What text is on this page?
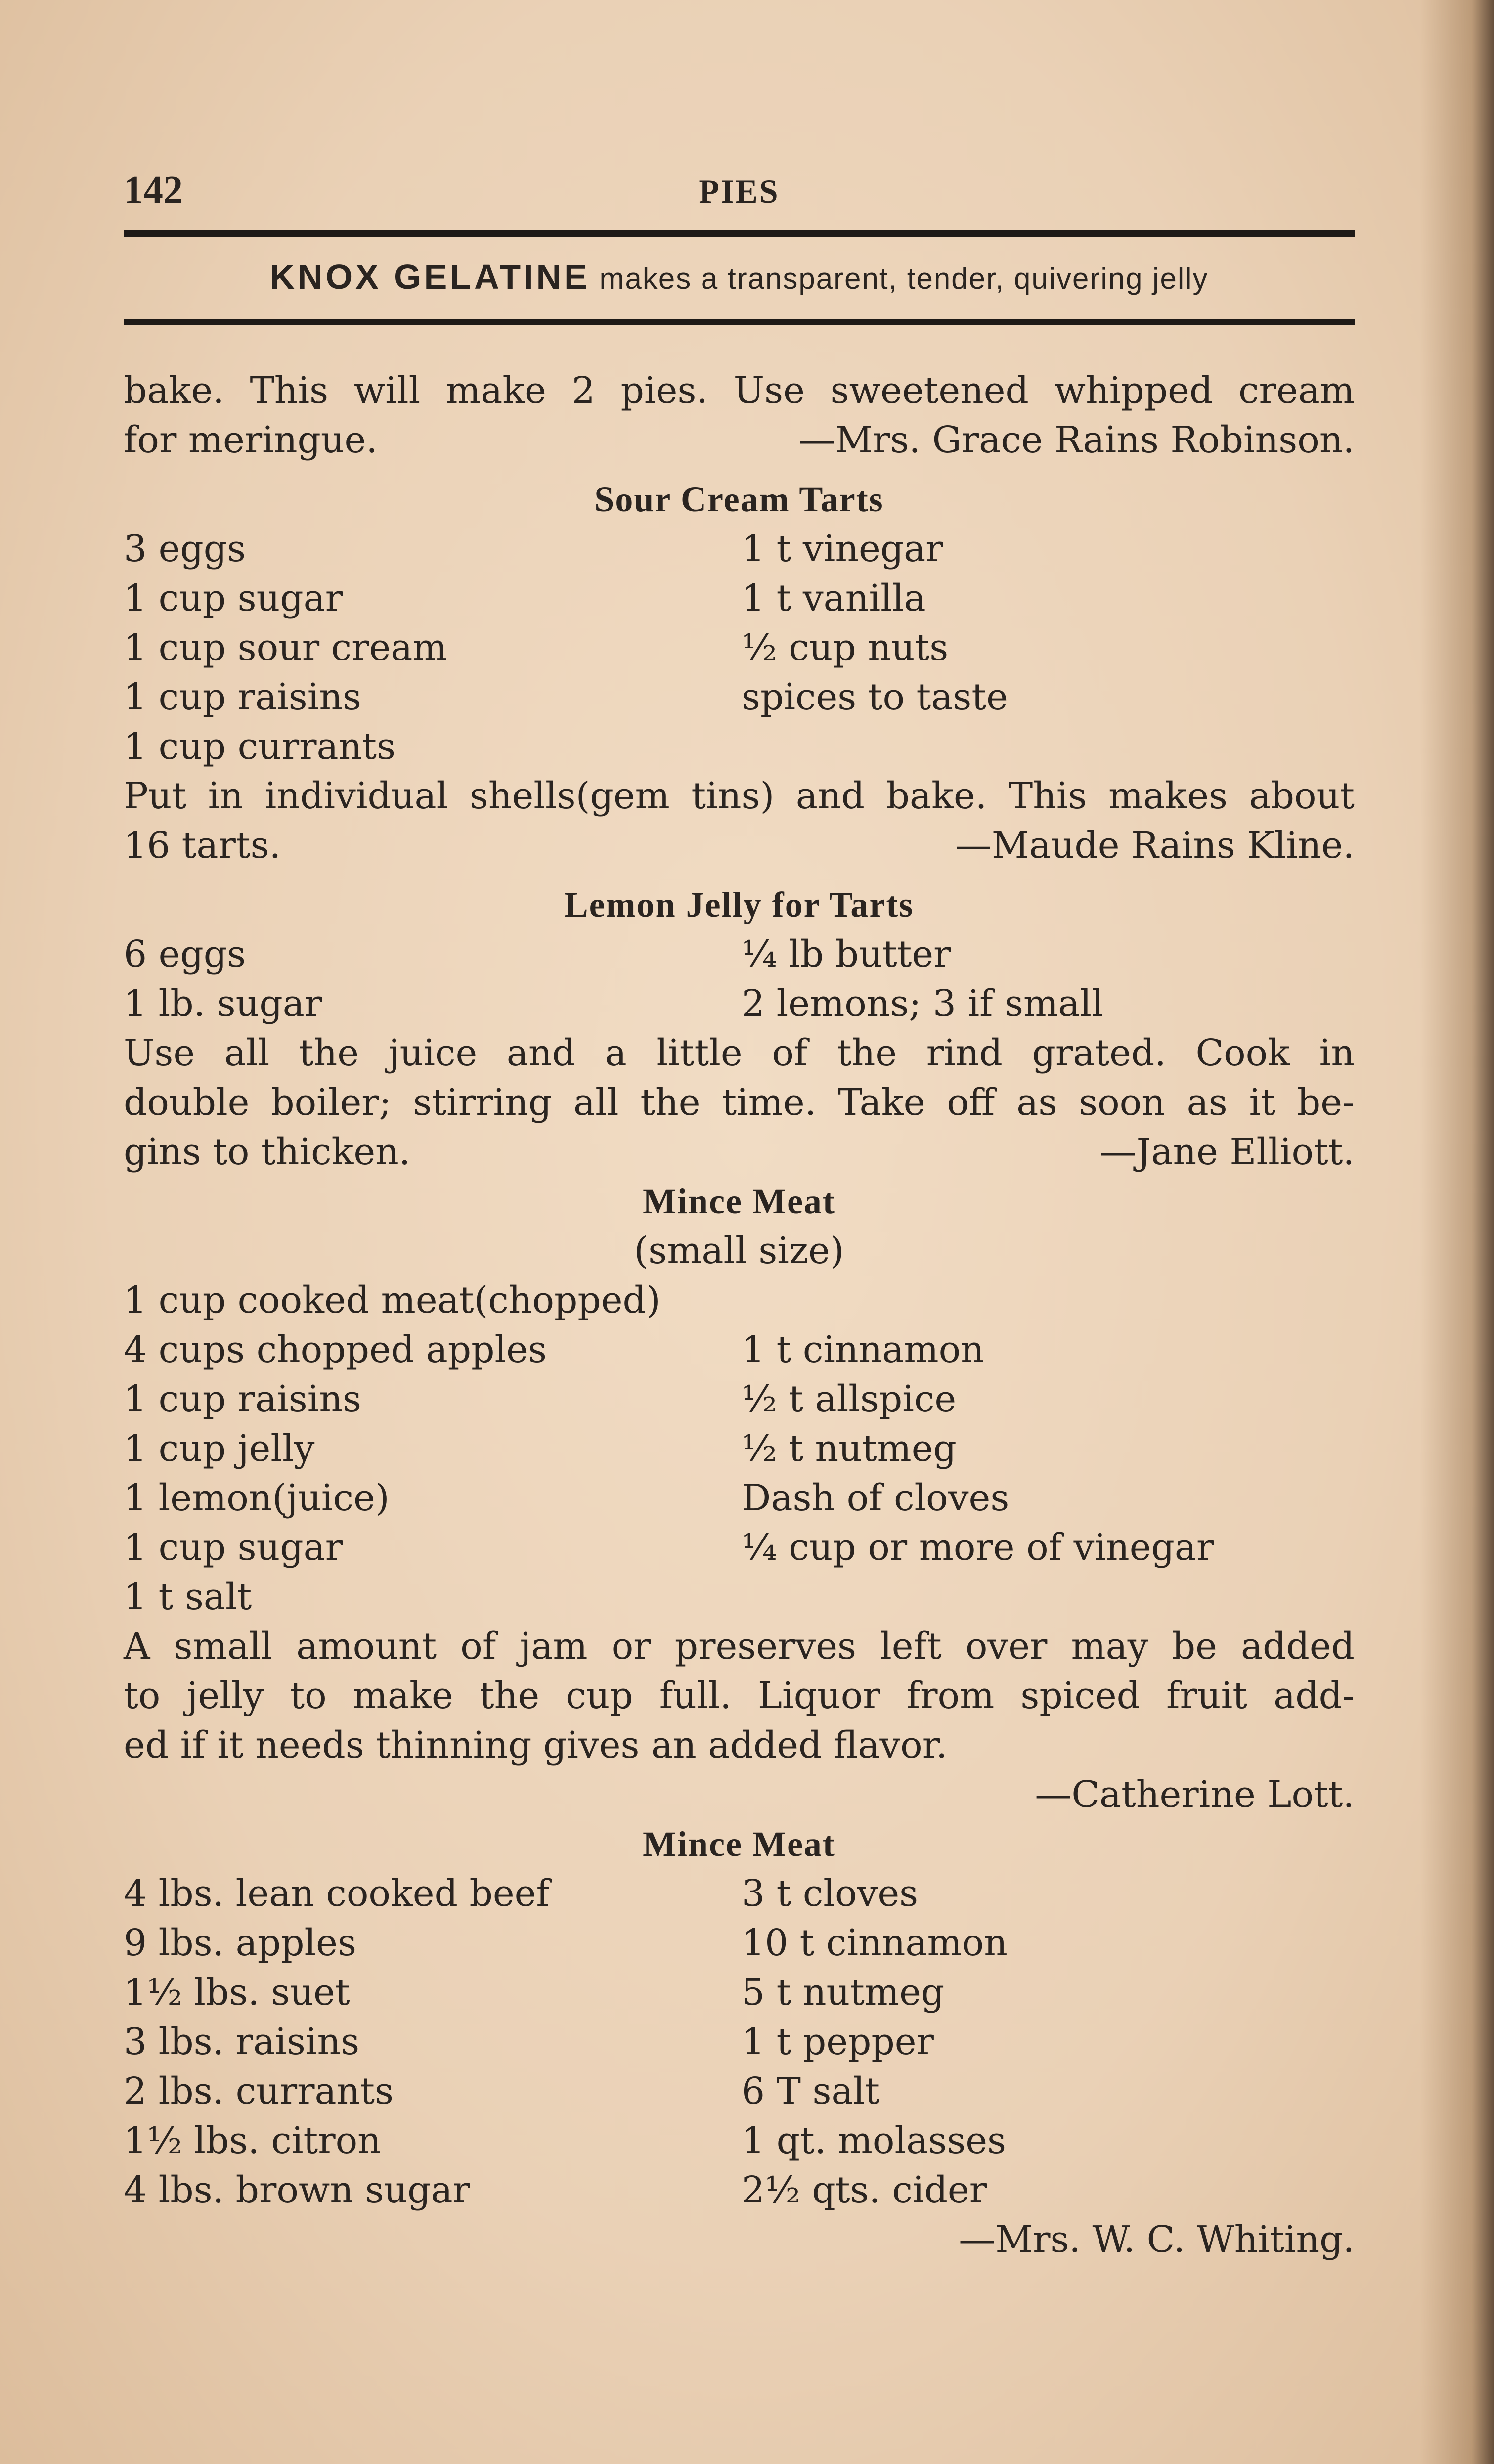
142	PIES
KNOX GELATINE makes a transparent, tender, quivering jelly
bake. This will make 2 pies. Use sweetened whipped cream
for meringue.	—Mrs. Grace Rains Robinson.
Sour Cream Tarts
3 eggs	1 t vinegar
1 cup sugar	1 t vanilla
1 cup sour cream	½ cup nuts
1 cup raisins	spices to taste
1 cup currants
Put in individual shells(gem tins) and bake. This makes about
16 tarts.	—Maude Rains Kline.
Lemon Jelly for Tarts
6 eggs	¼ lb butter
1 lb. sugar	2 lemons; 3 if small
Use all the juice and a little of the rind grated. Cook in
double boiler; stirring all the time. Take off as soon as it be-
gins to thicken.	—Jane Elliott.
Mince Meat
(small size)
1 cup cooked meat(chopped)
4 cups chopped apples	1 t cinnamon
1 cup raisins	½ t allspice
1 cup jelly	½ t nutmeg
1 lemon(juice)	Dash of cloves
1 cup sugar	¼ cup or more of vinegar
1 t salt
A small amount of jam or preserves left over may be added
to jelly to make the cup full. Liquor from spiced fruit add-
ed if it needs thinning gives an added flavor.
—Catherine Lott.
Mince Meat
4 lbs. lean cooked beef	3 t cloves
9 lbs. apples	10 t cinnamon
1½ lbs. suet	5 t nutmeg
3 lbs. raisins	1 t pepper
2 lbs. currants	6 T salt
1½ lbs. citron	1 qt. molasses
4 lbs. brown sugar	2½ qts. cider
—Mrs. W. C. Whiting.
